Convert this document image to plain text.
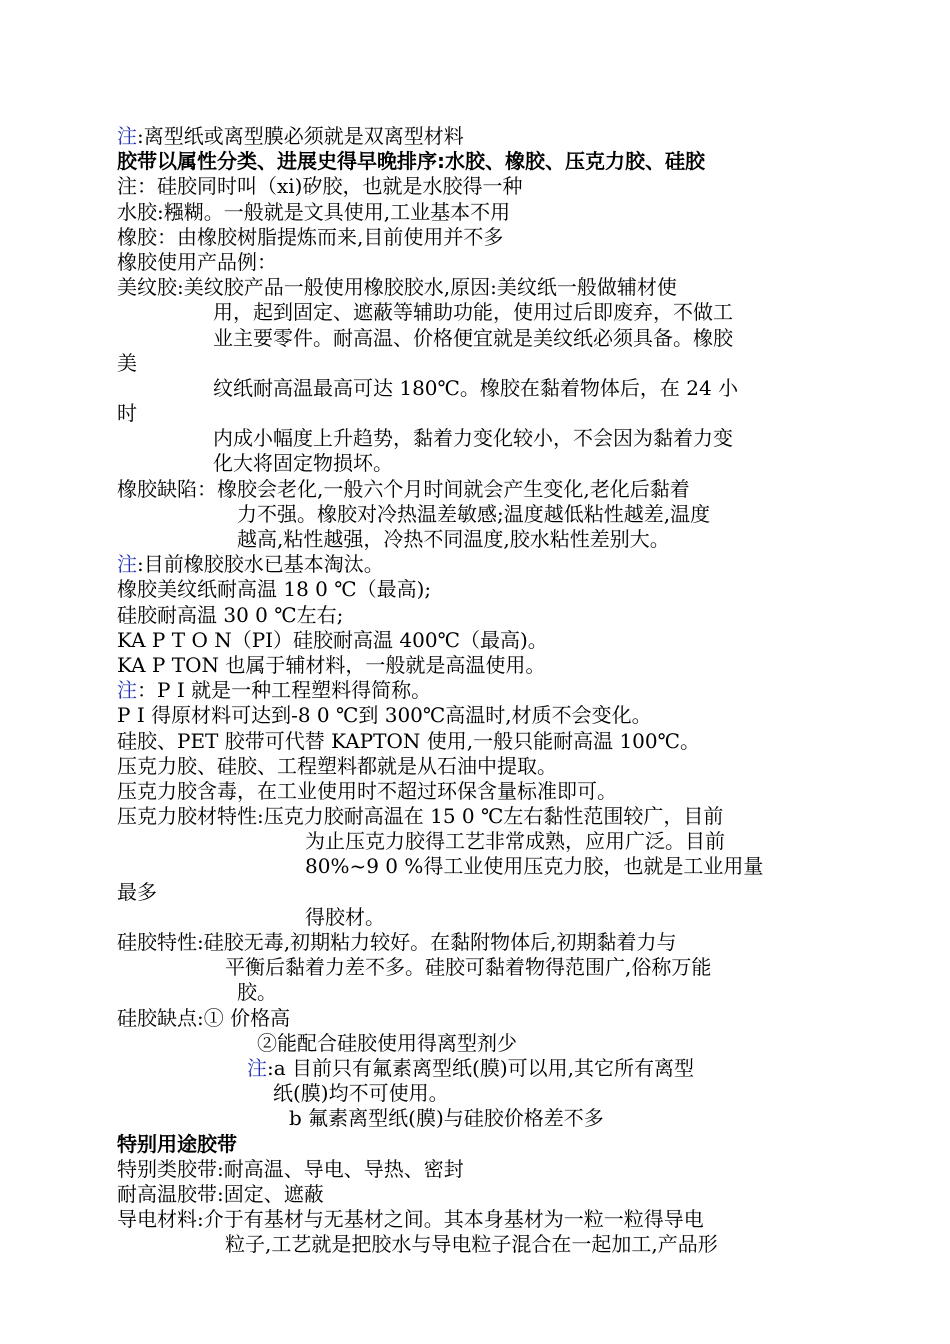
注:离型纸或离型膜必须就是双离型材料
胶带以属性分类、进展史得早晚排序:水胶、橡胶、压克力胶、硅胶
注：硅胶同时叫（xi)矽胶，也就是水胶得一种
水胶:糨糊。一般就是文具使用,工业基本不用
橡胶：由橡胶树脂提炼而来,目前使用并不多
橡胶使用产品例：
美纹胶:美纹胶产品一般使用橡胶胶水,原因:美纹纸一般做辅材使
用，起到固定、遮蔽等辅助功能，使用过后即废弃，不做工
业主要零件。耐高温、价格便宜就是美纹纸必须具备。橡胶
美
纹纸耐高温最高可达 180℃。橡胶在黏着物体后，在 24 小
时
内成小幅度上升趋势，黏着力变化较小，不会因为黏着力变
化大将固定物损坏。
橡胶缺陷：橡胶会老化,一般六个月时间就会产生变化,老化后黏着
力不强。橡胶对冷热温差敏感;温度越低粘性越差,温度
越高,粘性越强，冷热不同温度,胶水粘性差别大。
注:目前橡胶胶水已基本淘汰。
橡胶美纹纸耐高温 18 0 ℃（最高);
硅胶耐高温 30 0 ℃左右;
KA P T O N（PI）硅胶耐高温 400℃（最高)。
KA P TON 也属于辅材料，一般就是高温使用。
注：P I 就是一种工程塑料得简称。
P I 得原材料可达到-8 0 ℃到 300℃高温时,材质不会变化。
硅胶、PET 胶带可代替 KAPTON 使用,一般只能耐高温 100℃。
压克力胶、硅胶、工程塑料都就是从石油中提取。
压克力胶含毒，在工业使用时不超过环保含量标准即可。
压克力胶材特性:压克力胶耐高温在 15 0 ℃左右黏性范围较广，目前
为止压克力胶得工艺非常成熟，应用广泛。目前
80%~9 0 %得工业使用压克力胶，也就是工业用量
最多
得胶材。
硅胶特性:硅胶无毒,初期粘力较好。在黏附物体后,初期黏着力与
平衡后黏着力差不多。硅胶可黏着物得范围广,俗称万能
胶。
硅胶缺点:① 价格高
②能配合硅胶使用得离型剂少
注:a 目前只有氟素离型纸(膜)可以用,其它所有离型
纸(膜)均不可使用。
b 氟素离型纸(膜)与硅胶价格差不多
特别用途胶带
特别类胶带:耐高温、导电、导热、密封
耐高温胶带:固定、遮蔽
导电材料:介于有基材与无基材之间。其本身基材为一粒一粒得导电
粒子,工艺就是把胶水与导电粒子混合在一起加工,产品形
